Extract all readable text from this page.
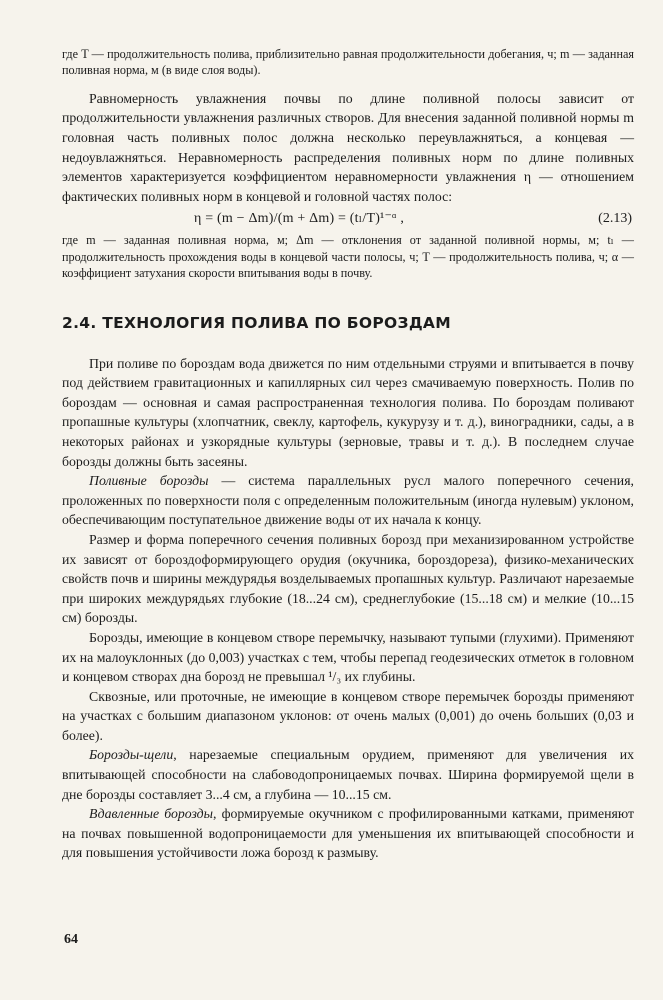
где T — продолжительность полива, приблизительно равная продолжительности добегания, ч; m — заданная поливная норма, м (в виде слоя воды).

Равномерность увлажнения почвы по длине поливной полосы зависит от продолжительности увлажнения различных створов. Для внесения заданной поливной нормы m головная часть поливных полос должна несколько переувлажняться, а концевая — недоувлажняться. Неравномерность распределения поливных норм по длине поливных элементов характеризуется коэффициентом неравномерности увлажнения η — отношением фактических поливных норм в концевой и головной частях полос:

η = (m − Δm)/(m + Δm) = (tₗ/T)¹⁻ᵅ ,	(2.13)

где m — заданная поливная норма, м; Δm — отклонения от заданной поливной нормы, м; tₗ — продолжительность прохождения воды в концевой части полосы, ч; T — продолжительность полива, ч; α — коэффициент затухания скорости впитывания воды в почву.

2.4. ТЕХНОЛОГИЯ ПОЛИВА ПО БОРОЗДАМ

При поливе по бороздам вода движется по ним отдельными струями и впитывается в почву под действием гравитационных и капиллярных сил через смачиваемую поверхность. Полив по бороздам — основная и самая распространенная технология полива. По бороздам поливают пропашные культуры (хлопчатник, свеклу, картофель, кукурузу и т. д.), виноградники, сады, а в некоторых районах и узкорядные культуры (зерновые, травы и т. д.). В последнем случае борозды должны быть засеяны.

Поливные борозды — система параллельных русл малого поперечного сечения, проложенных по поверхности поля с определенным положительным (иногда нулевым) уклоном, обеспечивающим поступательное движение воды от их начала к концу.

Размер и форма поперечного сечения поливных борозд при механизированном устройстве их зависят от бороздоформирующего орудия (окучника, бороздореза), физико-механических свойств почв и ширины междурядья возделываемых пропашных культур. Различают нарезаемые при широких междурядьях глубокие (18...24 см), среднеглубокие (15...18 см) и мелкие (10...15 см) борозды.

Борозды, имеющие в концевом створе перемычку, называют тупыми (глухими). Применяют их на малоуклонных (до 0,003) участках с тем, чтобы перепад геодезических отметок в головном и концевом створах дна борозд не превышал ¹/₃ их глубины.

Сквозные, или проточные, не имеющие в концевом створе перемычек борозды применяют на участках с большим диапазоном уклонов: от очень малых (0,001) до очень больших (0,03 и более).

Борозды-щели, нарезаемые специальным орудием, применяют для увеличения их впитывающей способности на слабоводопроницаемых почвах. Ширина формируемой щели в дне борозды составляет 3...4 см, а глубина — 10...15 см.

Вдавленные борозды, формируемые окучником с профилированными катками, применяют на почвах повышенной водопроницаемости для уменьшения их впитывающей способности и для повышения устойчивости ложа борозд к размыву.

64
